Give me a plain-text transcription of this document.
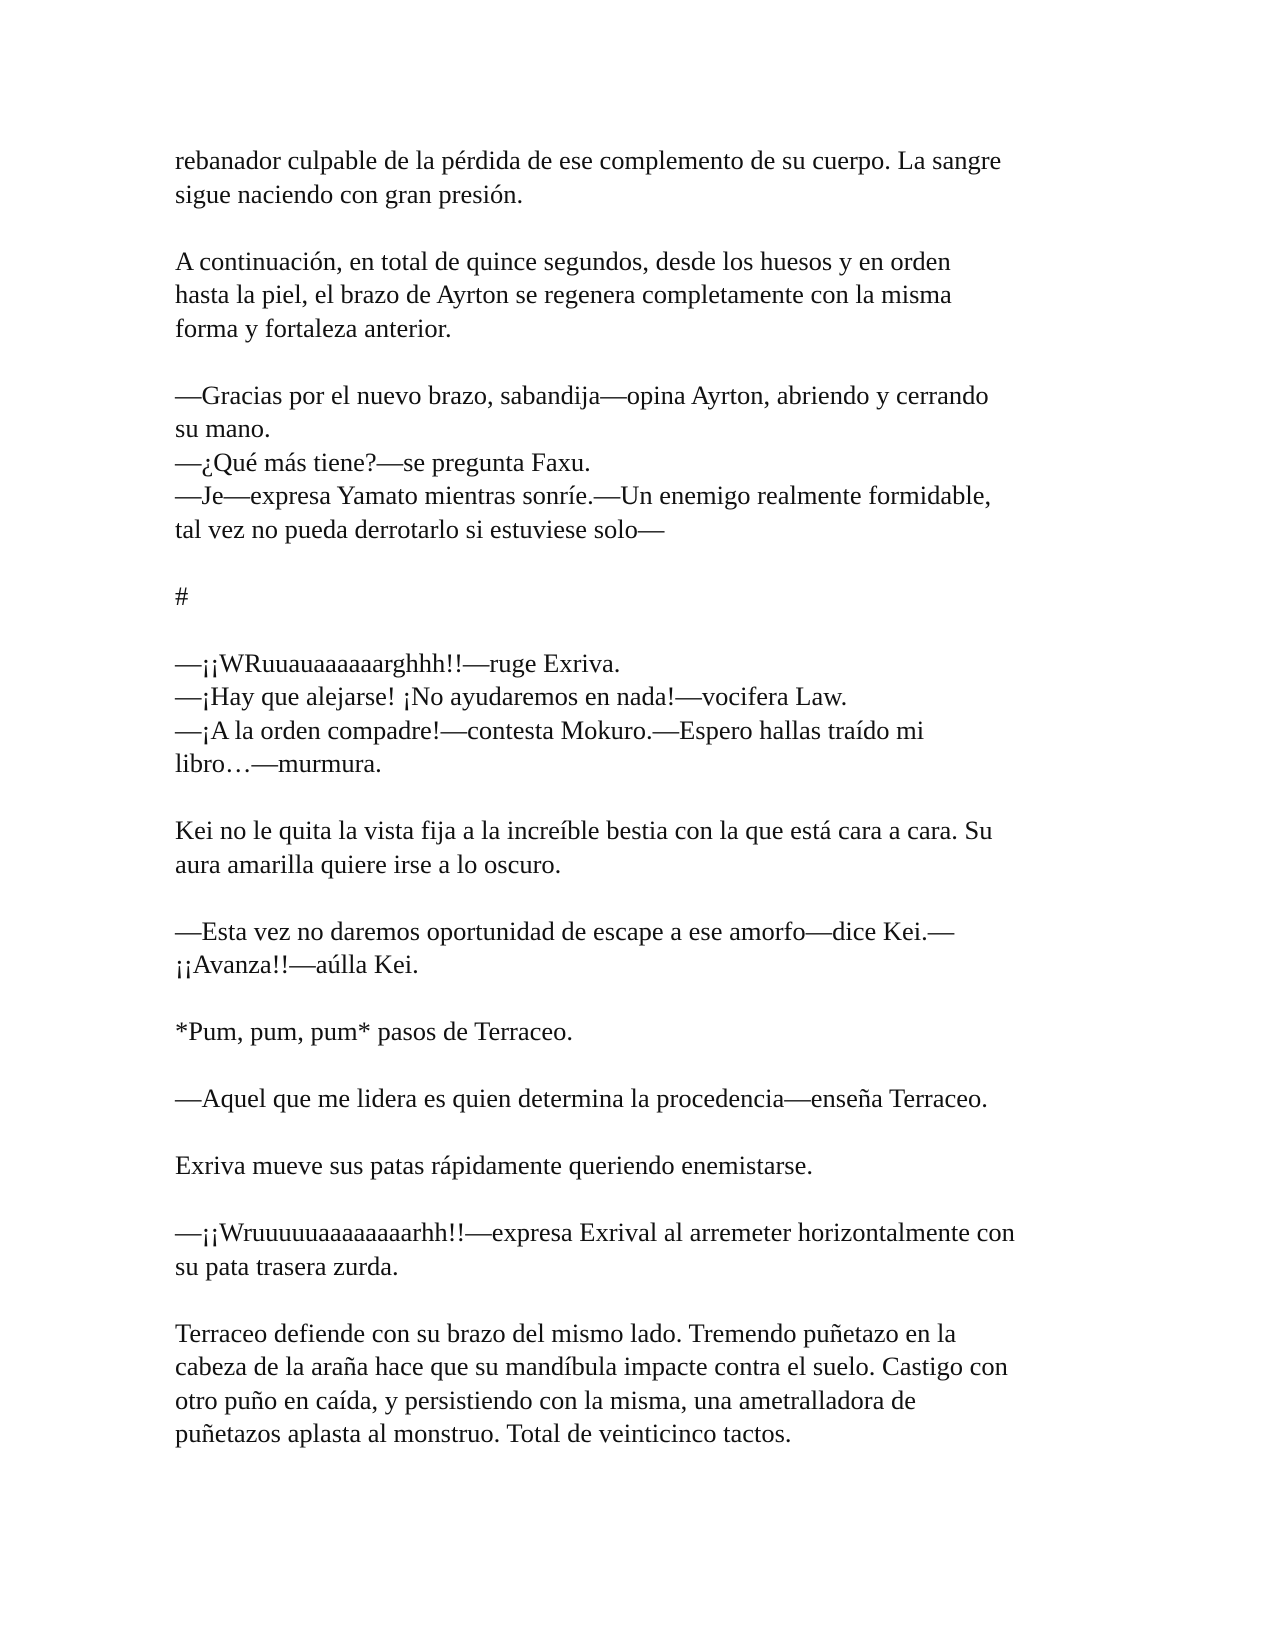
rebanador culpable de la pérdida de ese complemento de su cuerpo. La sangre
sigue naciendo con gran presión.

A continuación, en total de quince segundos, desde los huesos y en orden
hasta la piel, el brazo de Ayrton se regenera completamente con la misma
forma y fortaleza anterior.

—Gracias por el nuevo brazo, sabandija—opina Ayrton, abriendo y cerrando
su mano.
—¿Qué más tiene?—se pregunta Faxu.
—Je—expresa Yamato mientras sonríe.—Un enemigo realmente formidable,
tal vez no pueda derrotarlo si estuviese solo—

#

—¡¡WRuuauaaaaaarghhh!!—ruge Exriva.
—¡Hay que alejarse! ¡No ayudaremos en nada!—vocifera Law.
—¡A la orden compadre!—contesta Mokuro.—Espero hallas traído mi
libro…—murmura.

Kei no le quita la vista fija a la increíble bestia con la que está cara a cara. Su
aura amarilla quiere irse a lo oscuro.

—Esta vez no daremos oportunidad de escape a ese amorfo—dice Kei.—
¡¡Avanza!!—aúlla Kei.

*Pum, pum, pum* pasos de Terraceo.

—Aquel que me lidera es quien determina la procedencia—enseña Terraceo.

Exriva mueve sus patas rápidamente queriendo enemistarse.

—¡¡Wruuuuuaaaaaaaarhh!!—expresa Exrival al arremeter horizontalmente con
su pata trasera zurda.

Terraceo defiende con su brazo del mismo lado. Tremendo puñetazo en la
cabeza de la araña hace que su mandíbula impacte contra el suelo. Castigo con
otro puño en caída, y persistiendo con la misma, una ametralladora de
puñetazos aplasta al monstruo. Total de veinticinco tactos.
